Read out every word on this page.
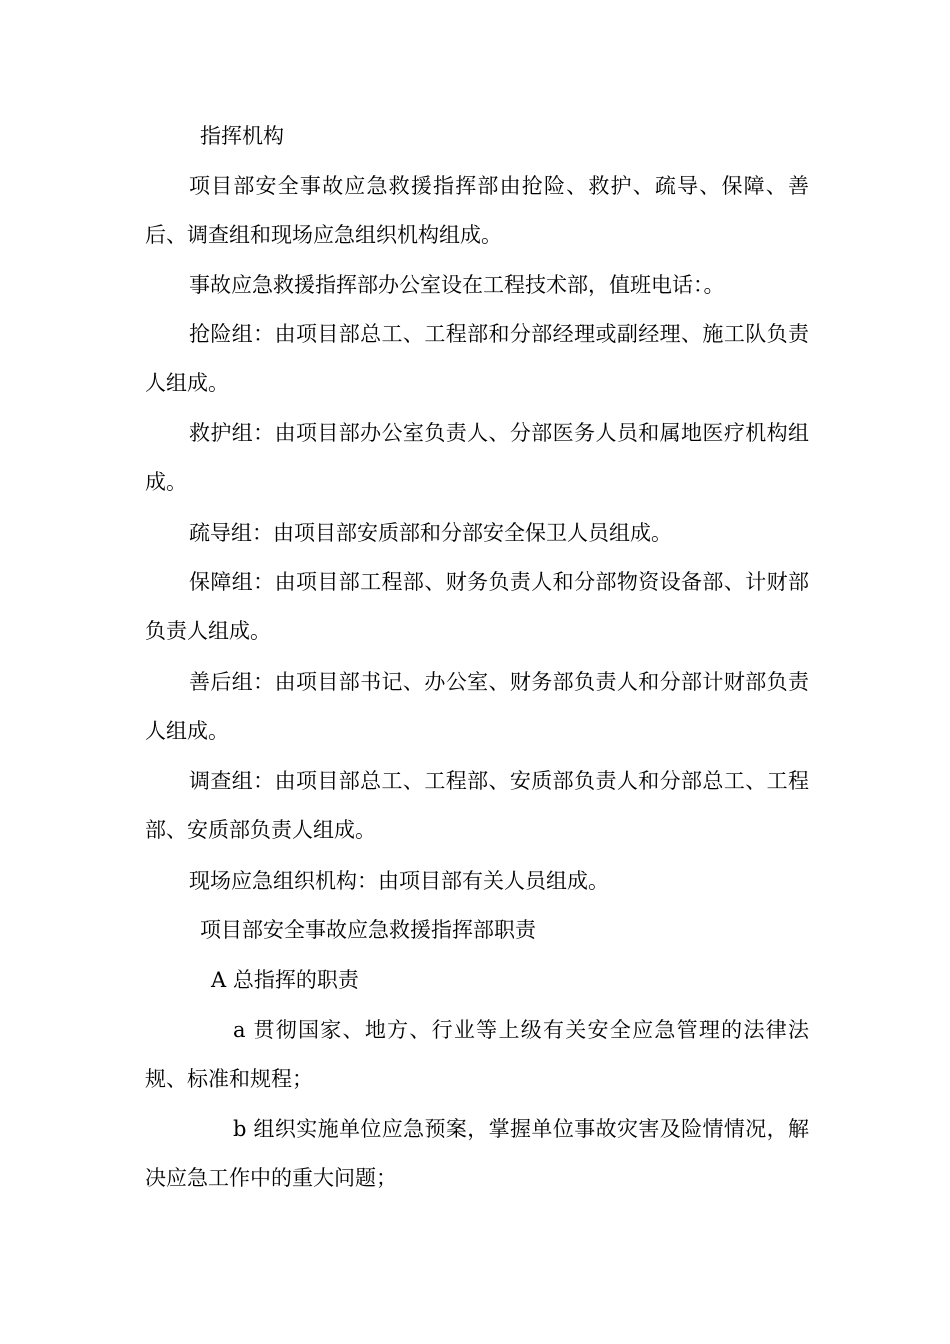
指挥机构

项目部安全事故应急救援指挥部由抢险、救护、疏导、保障、善后、调查组和现场应急组织机构组成。

事故应急救援指挥部办公室设在工程技术部，值班电话：。

抢险组：由项目部总工、工程部和分部经理或副经理、施工队负责人组成。

救护组：由项目部办公室负责人、分部医务人员和属地医疗机构组成。

疏导组：由项目部安质部和分部安全保卫人员组成。

保障组：由项目部工程部、财务负责人和分部物资设备部、计财部负责人组成。

善后组：由项目部书记、办公室、财务部负责人和分部计财部负责人组成。

调查组：由项目部总工、工程部、安质部负责人和分部总工、工程部、安质部负责人组成。

现场应急组织机构：由项目部有关人员组成。

项目部安全事故应急救援指挥部职责

A 总指挥的职责

a 贯彻国家、地方、行业等上级有关安全应急管理的法律法规、标准和规程；

b 组织实施单位应急预案，掌握单位事故灾害及险情情况，解决应急工作中的重大问题；
